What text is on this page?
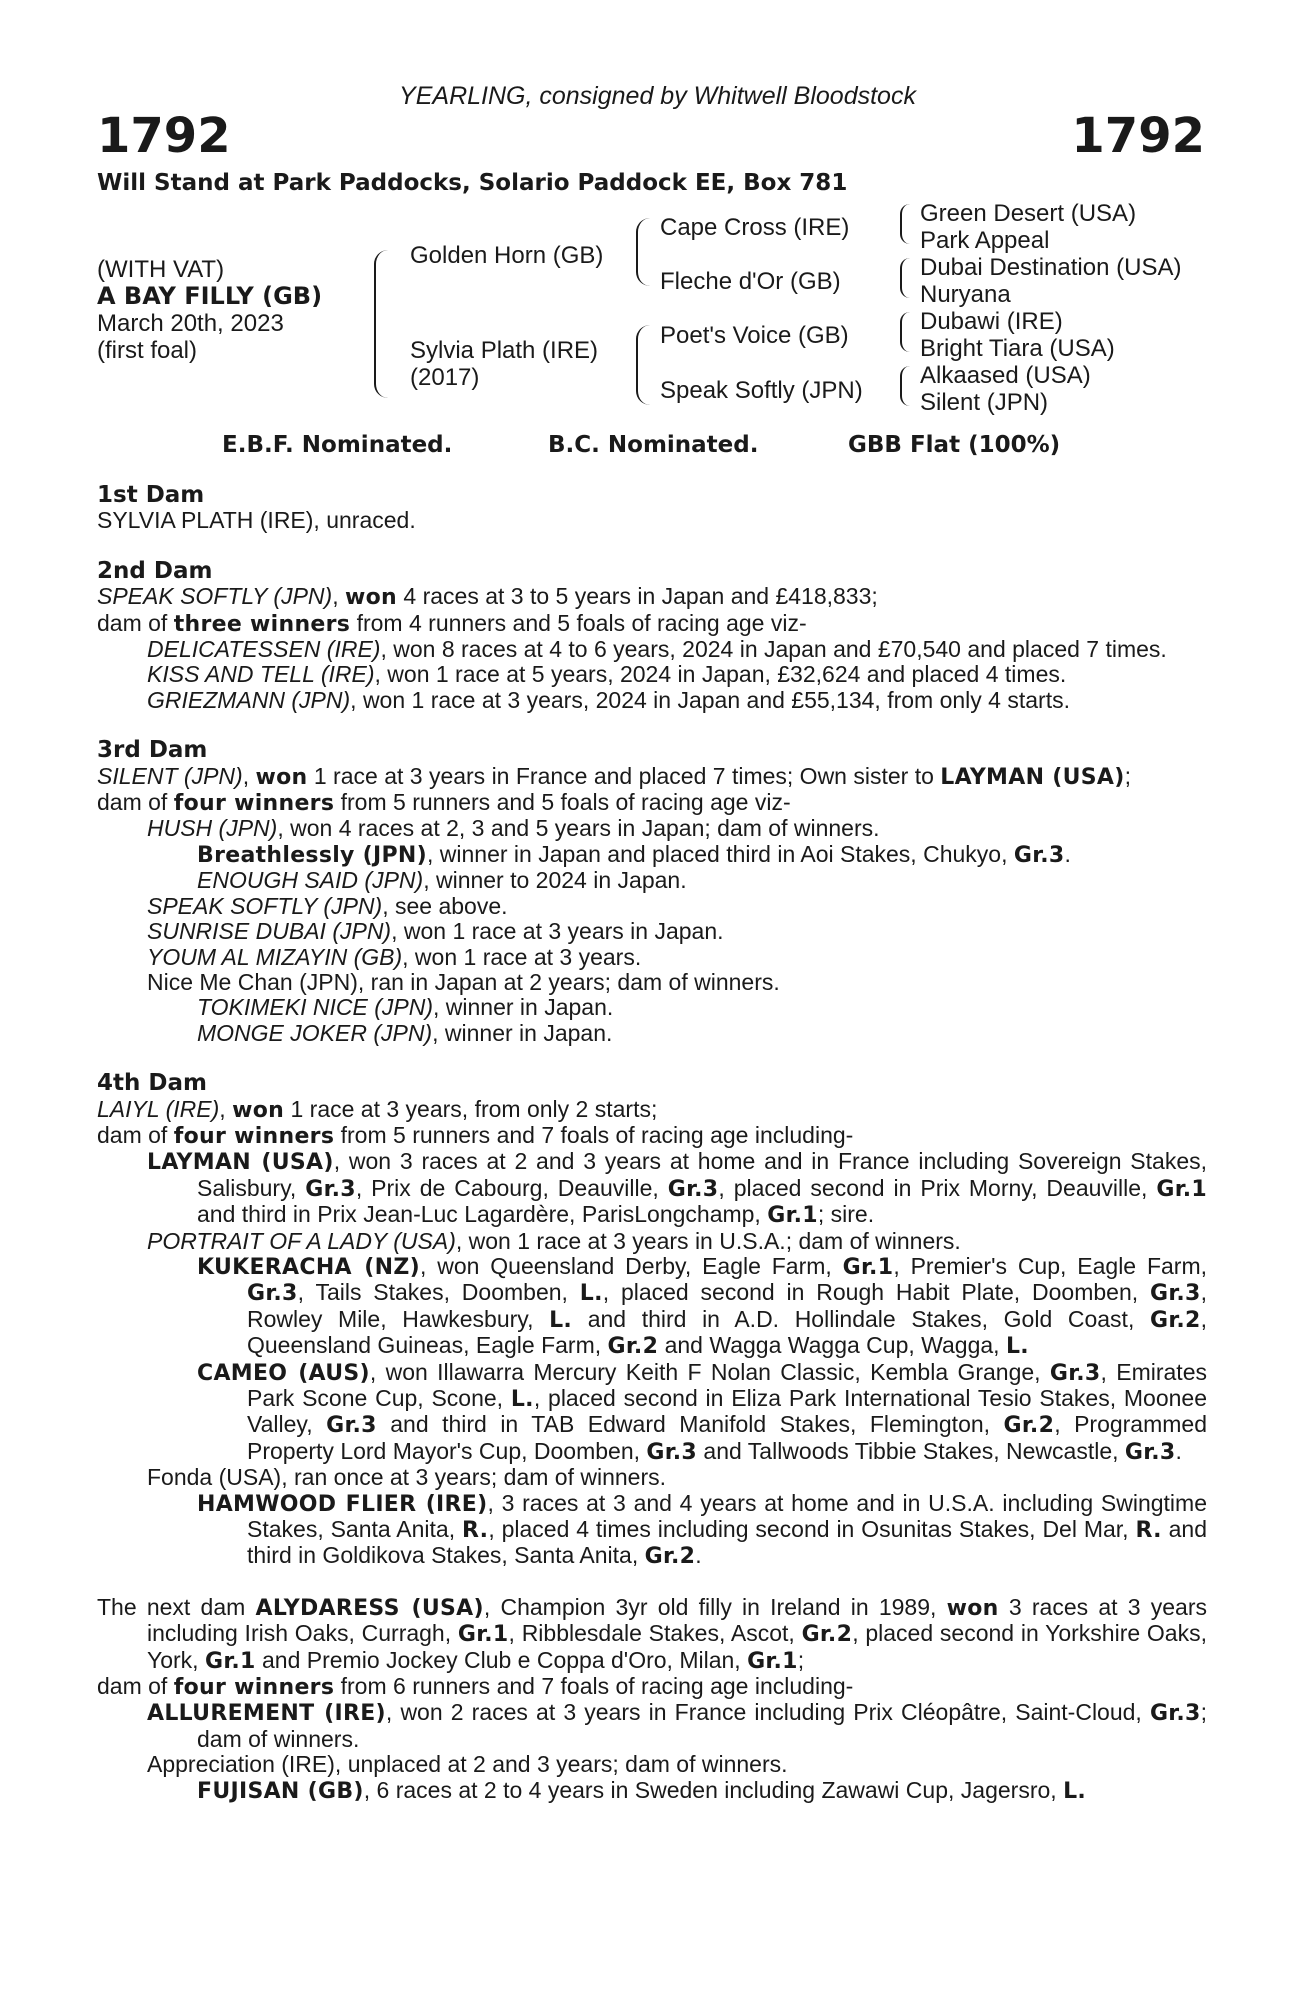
YEARLING, consigned by Whitwell Bloodstock
1792	1792
Will Stand at Park Paddocks, Solario Paddock EE, Box 781
(WITH VAT)
A BAY FILLY (GB)
March 20th, 2023
(first foal)
Golden Horn (GB)
Sylvia Plath (IRE)
(2017)
Cape Cross (IRE)
Fleche d'Or (GB)
Poet's Voice (GB)
Speak Softly (JPN)
Green Desert (USA)
Park Appeal
Dubai Destination (USA)
Nuryana
Dubawi (IRE)
Bright Tiara (USA)
Alkaased (USA)
Silent (JPN)
E.B.F. Nominated.	B.C. Nominated.	GBB Flat (100%)
1st Dam
SYLVIA PLATH (IRE), unraced.
2nd Dam
SPEAK SOFTLY (JPN), won 4 races at 3 to 5 years in Japan and £418,833;
dam of three winners from 4 runners and 5 foals of racing age viz-
DELICATESSEN (IRE), won 8 races at 4 to 6 years, 2024 in Japan and £70,540 and placed 7 times.
KISS AND TELL (IRE), won 1 race at 5 years, 2024 in Japan, £32,624 and placed 4 times.
GRIEZMANN (JPN), won 1 race at 3 years, 2024 in Japan and £55,134, from only 4 starts.
3rd Dam
SILENT (JPN), won 1 race at 3 years in France and placed 7 times; Own sister to LAYMAN (USA);
dam of four winners from 5 runners and 5 foals of racing age viz-
HUSH (JPN), won 4 races at 2, 3 and 5 years in Japan; dam of winners.
Breathlessly (JPN), winner in Japan and placed third in Aoi Stakes, Chukyo, Gr.3.
ENOUGH SAID (JPN), winner to 2024 in Japan.
SPEAK SOFTLY (JPN), see above.
SUNRISE DUBAI (JPN), won 1 race at 3 years in Japan.
YOUM AL MIZAYIN (GB), won 1 race at 3 years.
Nice Me Chan (JPN), ran in Japan at 2 years; dam of winners.
TOKIMEKI NICE (JPN), winner in Japan.
MONGE JOKER (JPN), winner in Japan.
4th Dam
LAIYL (IRE), won 1 race at 3 years, from only 2 starts;
dam of four winners from 5 runners and 7 foals of racing age including-
LAYMAN (USA), won 3 races at 2 and 3 years at home and in France including Sovereign Stakes, Salisbury, Gr.3, Prix de Cabourg, Deauville, Gr.3, placed second in Prix Morny, Deauville, Gr.1 and third in Prix Jean-Luc Lagardère, ParisLongchamp, Gr.1; sire.
PORTRAIT OF A LADY (USA), won 1 race at 3 years in U.S.A.; dam of winners.
KUKERACHA (NZ), won Queensland Derby, Eagle Farm, Gr.1, Premier's Cup, Eagle Farm, Gr.3, Tails Stakes, Doomben, L., placed second in Rough Habit Plate, Doomben, Gr.3, Rowley Mile, Hawkesbury, L. and third in A.D. Hollindale Stakes, Gold Coast, Gr.2, Queensland Guineas, Eagle Farm, Gr.2 and Wagga Wagga Cup, Wagga, L.
CAMEO (AUS), won Illawarra Mercury Keith F Nolan Classic, Kembla Grange, Gr.3, Emirates Park Scone Cup, Scone, L., placed second in Eliza Park International Tesio Stakes, Moonee Valley, Gr.3 and third in TAB Edward Manifold Stakes, Flemington, Gr.2, Programmed Property Lord Mayor's Cup, Doomben, Gr.3 and Tallwoods Tibbie Stakes, Newcastle, Gr.3.
Fonda (USA), ran once at 3 years; dam of winners.
HAMWOOD FLIER (IRE), 3 races at 3 and 4 years at home and in U.S.A. including Swingtime Stakes, Santa Anita, R., placed 4 times including second in Osunitas Stakes, Del Mar, R. and third in Goldikova Stakes, Santa Anita, Gr.2.
The next dam ALYDARESS (USA), Champion 3yr old filly in Ireland in 1989, won 3 races at 3 years including Irish Oaks, Curragh, Gr.1, Ribblesdale Stakes, Ascot, Gr.2, placed second in Yorkshire Oaks, York, Gr.1 and Premio Jockey Club e Coppa d'Oro, Milan, Gr.1;
dam of four winners from 6 runners and 7 foals of racing age including-
ALLUREMENT (IRE), won 2 races at 3 years in France including Prix Cléopâtre, Saint-Cloud, Gr.3; dam of winners.
Appreciation (IRE), unplaced at 2 and 3 years; dam of winners.
FUJISAN (GB), 6 races at 2 to 4 years in Sweden including Zawawi Cup, Jagersro, L.
